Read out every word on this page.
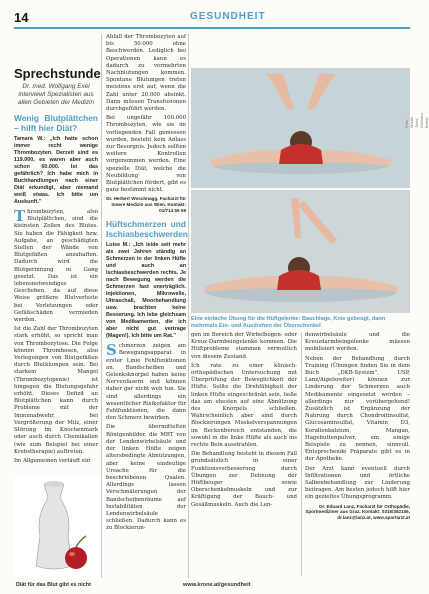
14	GESUNDHEIT
Sprechstunde
Dr. med. Wolfgang Exel interviewt Spezialisten aus allen Gebieten der Medizin
Wenig Blutplättchen – hilft hier Diät?
Tamara W.: „Ich hatte schon immer recht wenige Thrombozyten. Derzeit sind es 119.000, es waren aber auch schon 60.000. Ist das gefährlich? Ich habe mich in Buchhandlungen nach einer Diät erkundigt, aber niemand weiß etwas. Ich bitte um Auskunft."

Thrombozyten, also Blutplättchen, sind die kleinsten Zellen des Blutes. Sie haben die Fähigkeit bzw. Aufgabe, an geschädigten Stellen der Wände von Blutgefäßen anzuhaften. Dadurch wird die Blutgerinnung in Gang gesetzt. Das ist ein lebensnotwendiges Geschehen, da auf diese Weise größere Blutverluste bei Verletzungen oder Gefäßschäden vermieden werden.

Ist die Zahl der Thrombozyten stark erhöht, so spricht man von Thrombozytose. Die Folge können Thrombosen, also Verlegungen von Blutgefäßen durch Blutklumpen sein. Bei starkem Mangel (Thrombozytopenie) ist hingegen die Blutungsgefahr erhöht. Dieses Defizit an Blutplättchen kann durch Probleme mit der Immunabwehr, bei Vergrößerung der Milz, einer Störung im Knochenmark oder auch durch Chemikalien (wie zum Beispiel bei einer Krebstherapie) auftreten.

Im Allgemeinen verläuft ein

Diät für das Blut gibt es nicht

Abfall der Thrombozyten auf bis 50.000 ohne Beschwerden. Lediglich bei Operationen kann es dadurch zu vermehrten Nachblutungen kommen. Spontane Blutungen treten meistens erst auf, wenn die Zahl unter 20.000 absinkt. Dann müssen Transfusionen durchgeführt werden.

Bei ungefähr 100.000 Thrombozyten, wie sie im vorliegenden Fall gemessen wurden, besteht kein Anlass zur Besorgnis. Jedoch sollten weitere Kontrollen vorgenommen werden. Eine spezielle Diät, welche die Neubildung von Blutplättchen fördert, gibt es ganz bestimmt nicht.

Dr. Herbert Woschnagg, Facharzt für Innere Medizin aus Wien. Kontakt: 01/714 59 59
Hüftschmerzen und Ischiasbeschwerden
Luise M.: „Ich leide seit mehr als zwei Jahren ständig an Schmerzen in der linken Hüfte und auch an Ischiasbeschwerden rechts. Je nach Bewegung werden die Schmerzen fast unerträglich. Injektionen, Mikrowelle, Ultraschall, Moorbehandlung usw. brachten keine Besserung. Ich lebe gleichsam von Medikamenten, die ich aber nicht gut vertrage (Magen!). Ich bitte um Rat."

Schmerzen zeigen am Bewegungsapparat in erster Linie Fehlfunktionen an. Bandscheiben und Gelenksknorpel haben keine Nervenfasern und können daher gar nicht weh tun. Sie sind allerdings ein wesentlicher Risikofaktor für Fehlfunktionen, die dann den Schmerz bewirken.

Die übermittelten Röntgenbilder, die MRT von der Lendenwirbelsäule und der linken Hüfte zeigen altersbedingte Abnützungen, aber keine eindeutige Ursache für die beschriebenen Qualen. Allerdings lassen Verschmälerungen der Bandscheibenräume auf Instabilitäten der Lendenwirbelsäule schließen. Dadurch kann es zu Blockierun-

Foto: Martin Jöchl, Gerhard Bartel
Eine einfache Übung für die Hüftgelenke: Bauchlage, Knie gebeugt, dann mehrmals Ein- und Ausdrehen der Oberschenkel

gen im Bereich der Wirbelbogen- oder Kreuz-Darmbeingelenke kommen. Die Hüftprobleme stammen vermutlich von diesem Zustand.

Ich rate zu einer klinisch-orthopädischen Untersuchung mit Überprüfung der Beweglichkeit der Hüfte. Sollte die Drehfähigkeit der linken Hüfte eingeschränkt sein, ließe das am ehesten auf eine Abnützung des Knorpels schließen. Wahrscheinlich aber sind durch Blockierungen Muskelverspannungen im Beckenbereich entstanden, die sowohl in die linke Hüfte als auch ins rechte Bein ausstrahlen.

Die Behandlung besteht in diesem Fall grundsätzlich in einer Funktionsverbesserung durch Übungen zur Dehnung der Hüftbeuger sowie Oberschenkelmuskeln und zur Kräftigung der Bauch- und Gesäßmuskeln. Auch die Len-

denwirbelsäule und die Kreuzdarmbeingelenke müssen mobilisiert werden.

Neben der Behandlung durch Training (Übungen finden Sie in dem Buch „DKB-System", USP, Lanz/Aigelsreiter) können zur Linderung der Schmerzen auch Medikamente eingesetzt werden – allerdings nur vorübergehend! Zusätzlich ist Ergänzung der Nahrung durch Chondroitinsulfat, Glucosaminsulfat, Vitamin D3, Korallenkalzium, Mangan, Hagebuttenpulver, um einige Beispiele zu nennen, sinnvoll. Entsprechende Präparate gibt es in der Apotheke.

Der Arzt kann eventuell durch Infiltrationen und örtliche Salbenbehandlung zur Linderung beitragen. Am besten jedoch hilft hier ein gezieltes Übungsprogramm.

Dr. Eduard Lanz, Facharzt für Orthopädie, Sportmediziner aus Graz. Kontakt: 0316/382106, dr.lanz@lanz.at, www.sportarzt.at
www.krone.at/gesundheit
